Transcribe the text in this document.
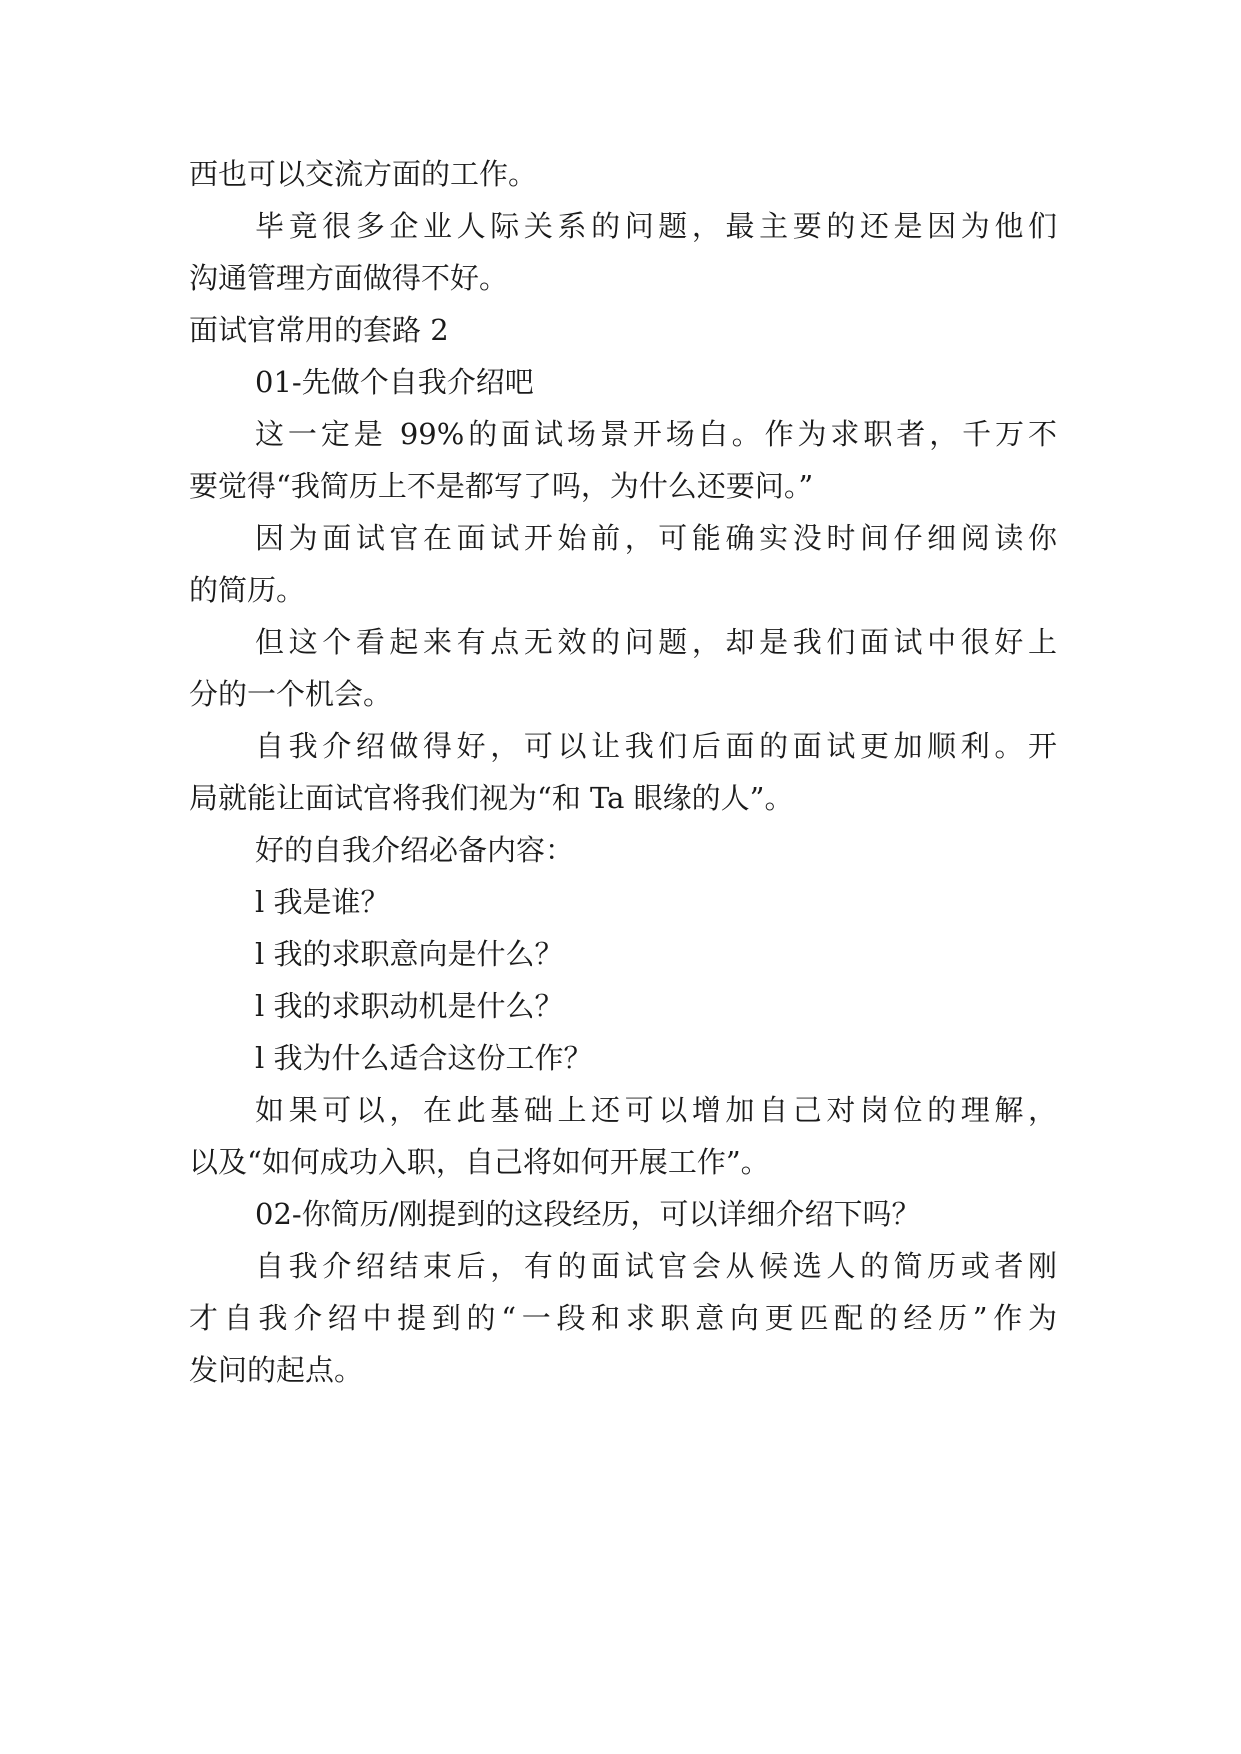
西也可以交流方面的工作。
毕竟很多企业人际关系的问题，最主要的还是因为他们
沟通管理方面做得不好。
面试官常用的套路 2
01-先做个自我介绍吧
这一定是 99%的面试场景开场白。作为求职者，千万不
要觉得“我简历上不是都写了吗，为什么还要问。”
因为面试官在面试开始前，可能确实没时间仔细阅读你
的简历。
但这个看起来有点无效的问题，却是我们面试中很好上
分的一个机会。
自我介绍做得好，可以让我们后面的面试更加顺利。开
局就能让面试官将我们视为“和 Ta 眼缘的人”。
好的自我介绍必备内容：
l 我是谁？
l 我的求职意向是什么？
l 我的求职动机是什么？
l 我为什么适合这份工作？
如果可以，在此基础上还可以增加自己对岗位的理解，
以及“如何成功入职，自己将如何开展工作”。
02-你简历/刚提到的这段经历，可以详细介绍下吗？
自我介绍结束后，有的面试官会从候选人的简历或者刚
才自我介绍中提到的“一段和求职意向更匹配的经历”作为
发问的起点。
